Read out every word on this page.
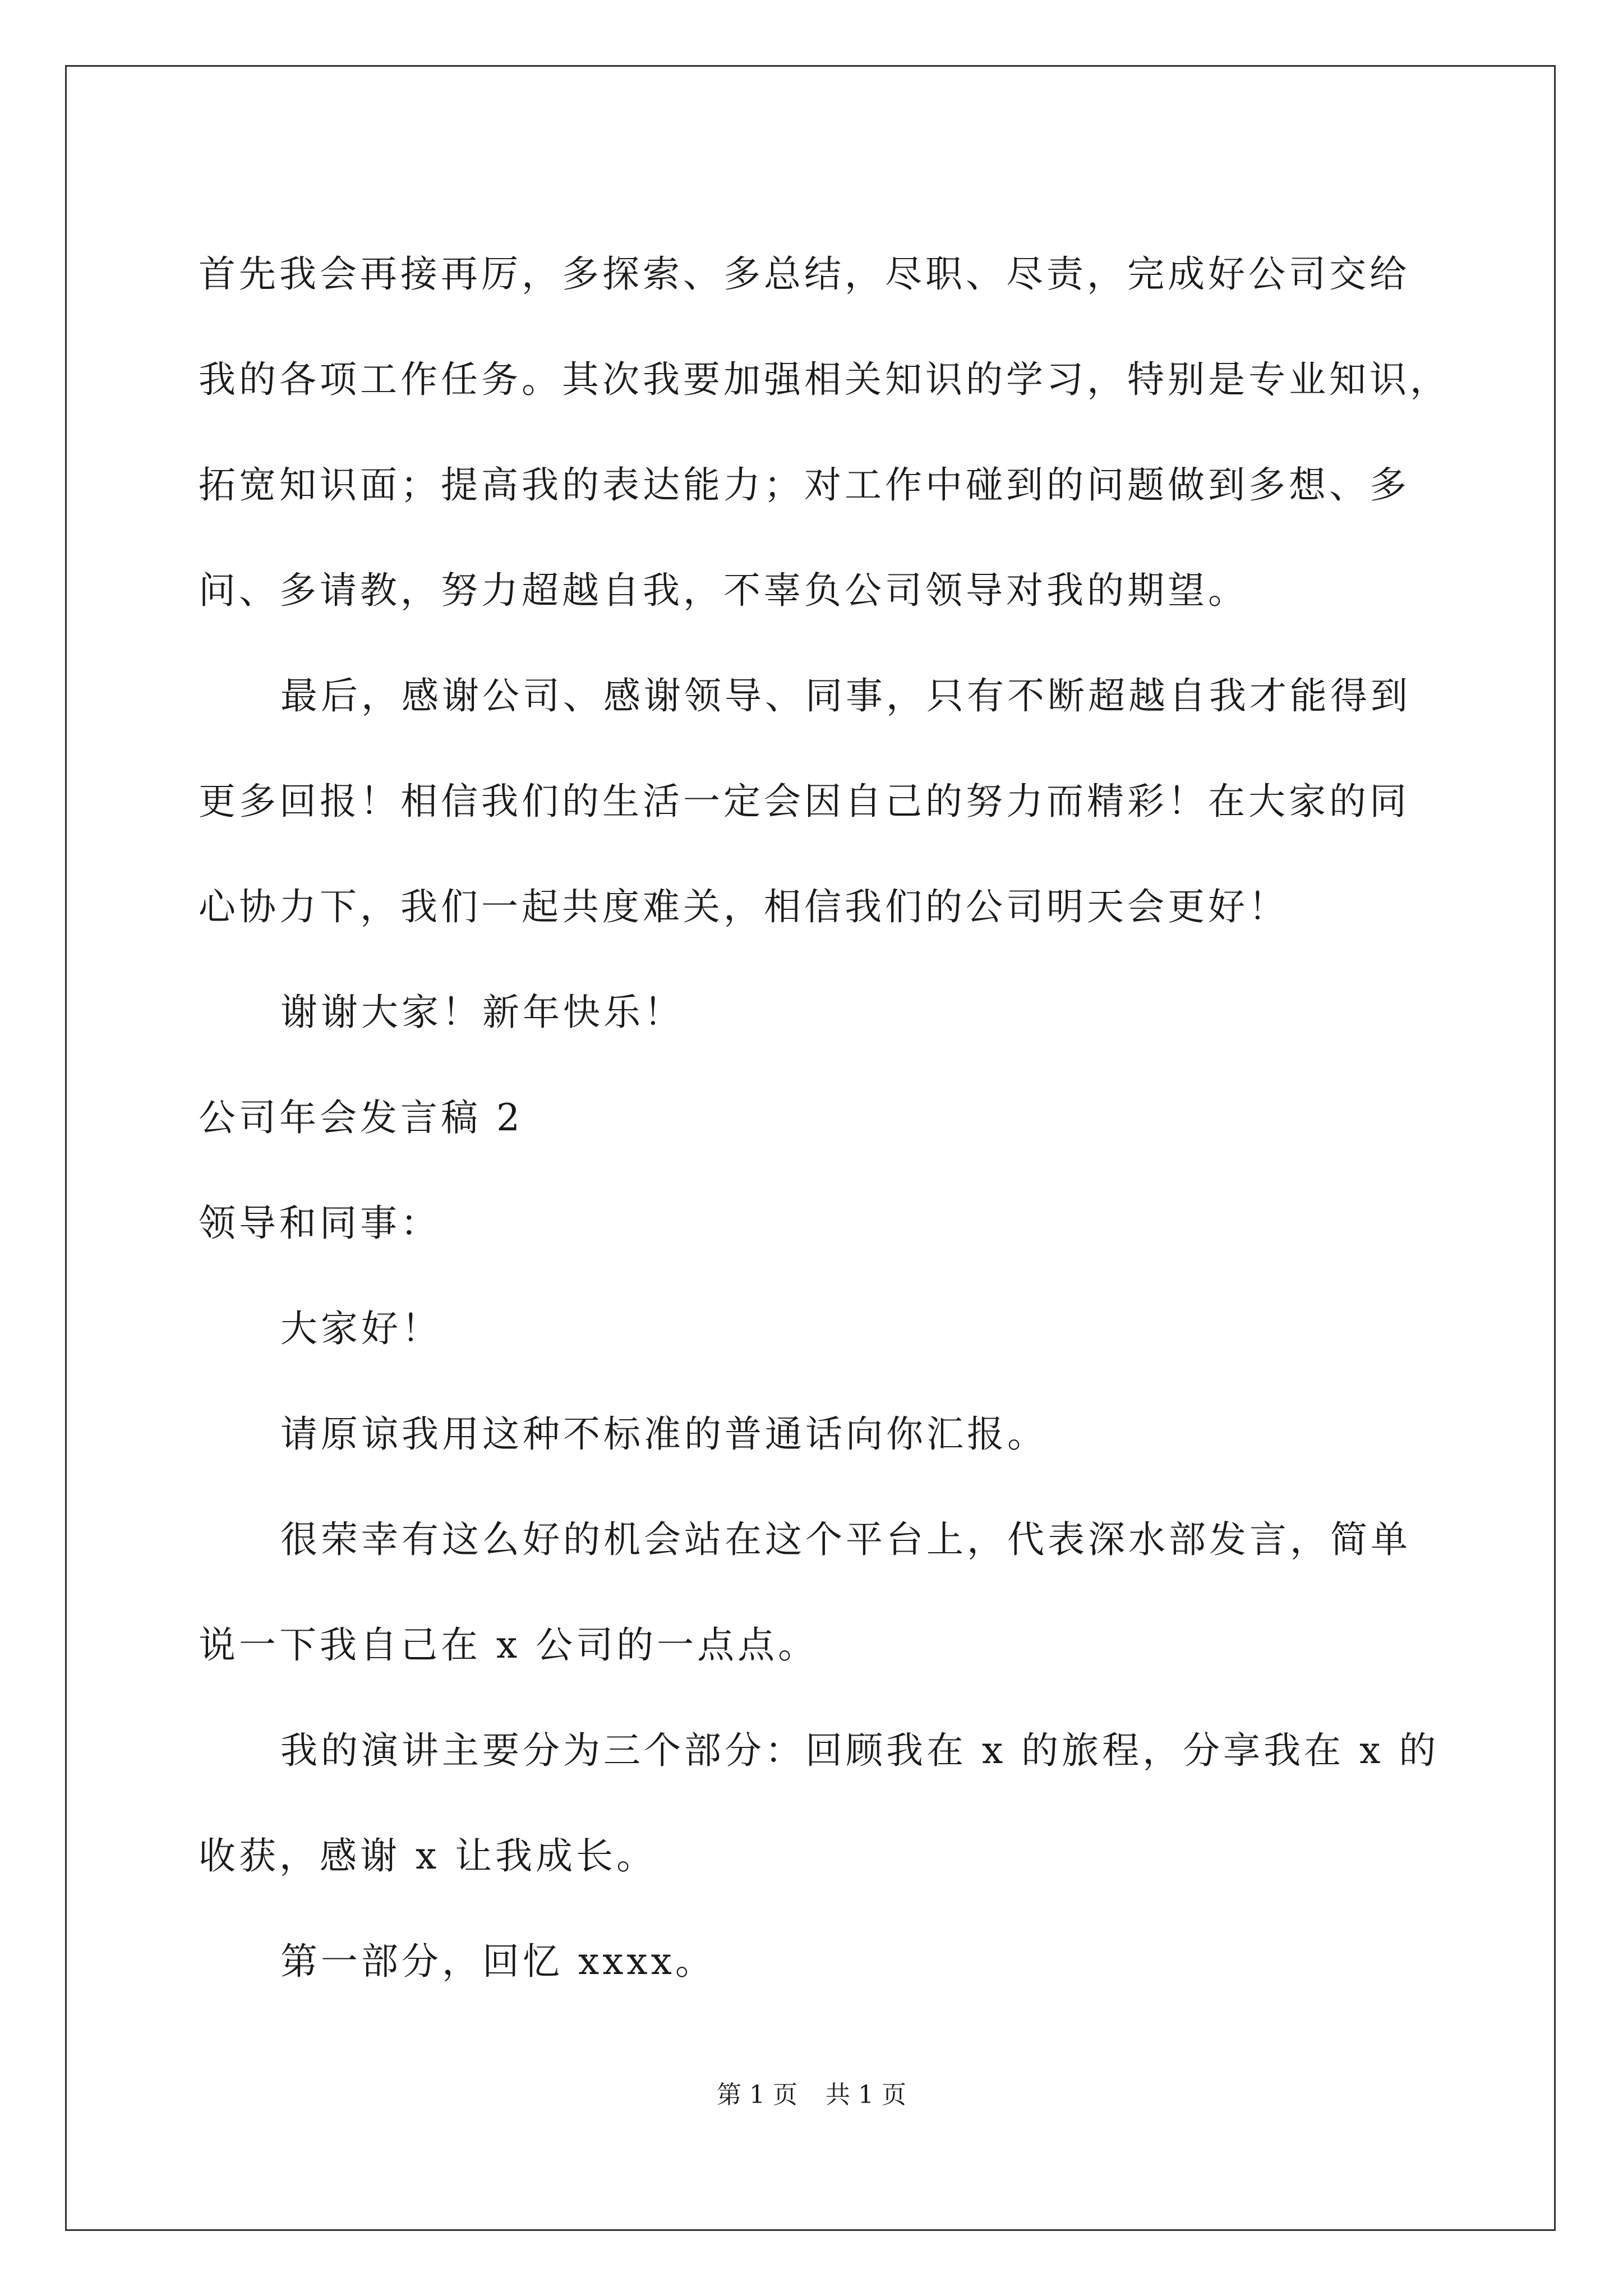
首先我会再接再厉，多探索、多总结，尽职、尽责，完成好公司交给
我的各项工作任务。其次我要加强相关知识的学习，特别是专业知识，
拓宽知识面；提高我的表达能力；对工作中碰到的问题做到多想、多
问、多请教，努力超越自我，不辜负公司领导对我的期望。
最后，感谢公司、感谢领导、同事，只有不断超越自我才能得到
更多回报！相信我们的生活一定会因自己的努力而精彩！在大家的同
心协力下，我们一起共度难关，相信我们的公司明天会更好！
谢谢大家！新年快乐！
公司年会发言稿 2
领导和同事：
大家好！
请原谅我用这种不标准的普通话向你汇报。
很荣幸有这么好的机会站在这个平台上，代表深水部发言，简单
说一下我自己在 x 公司的一点点。
我的演讲主要分为三个部分：回顾我在 x 的旅程，分享我在 x 的
收获，感谢 x 让我成长。
第一部分，回忆 xxxx。
第 1 页 共 1 页
